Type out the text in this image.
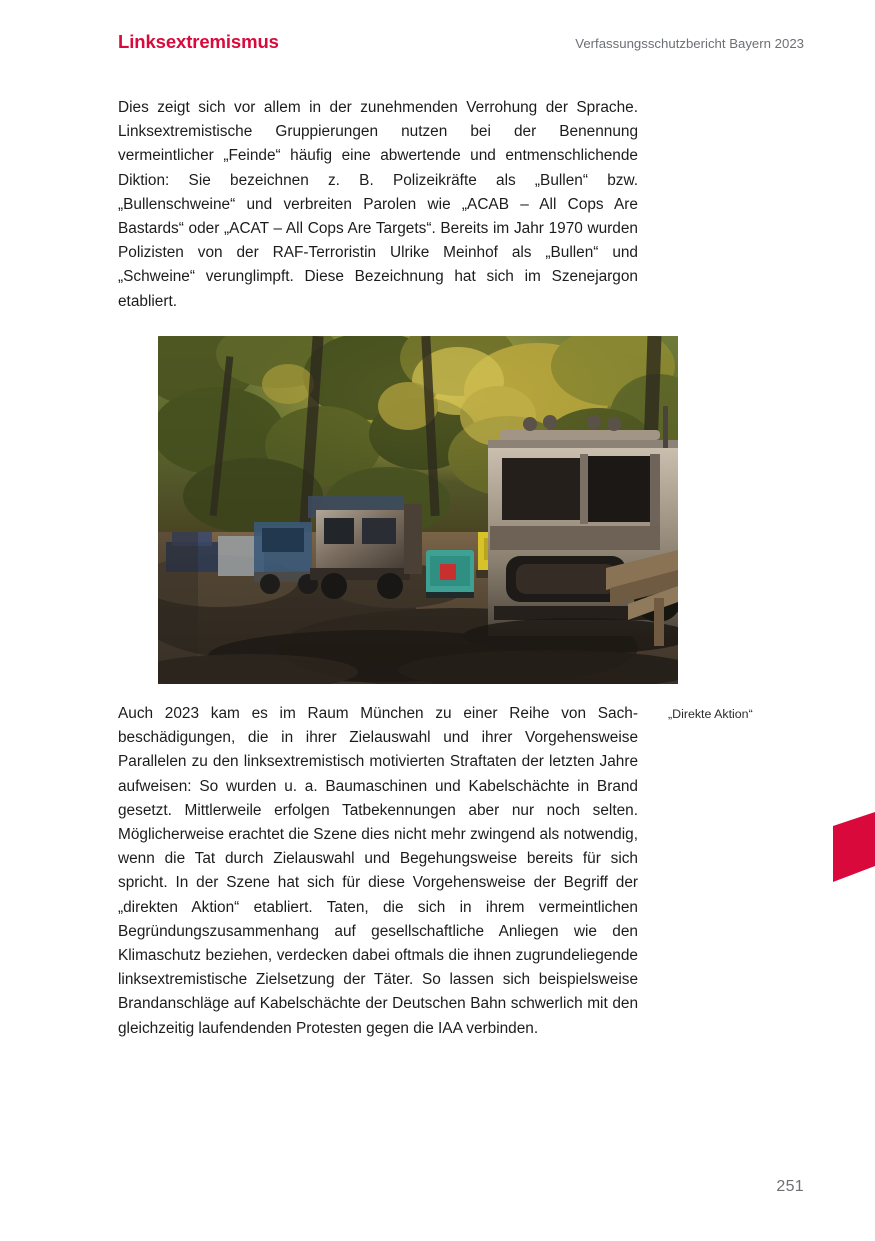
Linksextremismus	Verfassungsschutzbericht Bayern 2023

Dies zeigt sich vor allem in der zunehmenden Verrohung der Sprache. Linksextremistische Gruppierungen nutzen bei der Benennung vermeintlicher „Feinde“ häufig eine abwertende und entmenschlichende Diktion: Sie bezeichnen z. B. Polizeikräfte als „Bullen“ bzw. „Bullenschweine“ und verbreiten Parolen wie „ACAB – All Cops Are Bastards“ oder „ACAT – All Cops Are Targets“. Bereits im Jahr 1970 wurden Polizisten von der RAF-Terroristin Ulrike Meinhof als „Bullen“ und „Schweine“ verunglimpft. Diese Bezeichnung hat sich im Szenejargon etabliert.

„Direkte Aktion“

Auch 2023 kam es im Raum München zu einer Reihe von Sachbeschädigungen, die in ihrer Zielauswahl und ihrer Vorgehensweise Parallelen zu den linksextremistisch motivierten Straftaten der letzten Jahre aufweisen: So wurden u. a. Baumaschinen und Kabelschächte in Brand gesetzt. Mittlerweile erfolgen Tatbekennungen aber nur noch selten. Möglicherweise erachtet die Szene dies nicht mehr zwingend als notwendig, wenn die Tat durch Zielauswahl und Begehungsweise bereits für sich spricht. In der Szene hat sich für diese Vorgehensweise der Begriff der „direkten Aktion“ etabliert. Taten, die sich in ihrem vermeintlichen Begründungszusammenhang auf gesellschaftliche Anliegen wie den Klimaschutz beziehen, verdecken dabei oftmals die ihnen zugrundeliegende linksextremistische Zielsetzung der Täter. So lassen sich beispielsweise Brandanschläge auf Kabelschächte der Deutschen Bahn schwerlich mit den gleichzeitig laufendenden Protesten gegen die IAA verbinden.

251
